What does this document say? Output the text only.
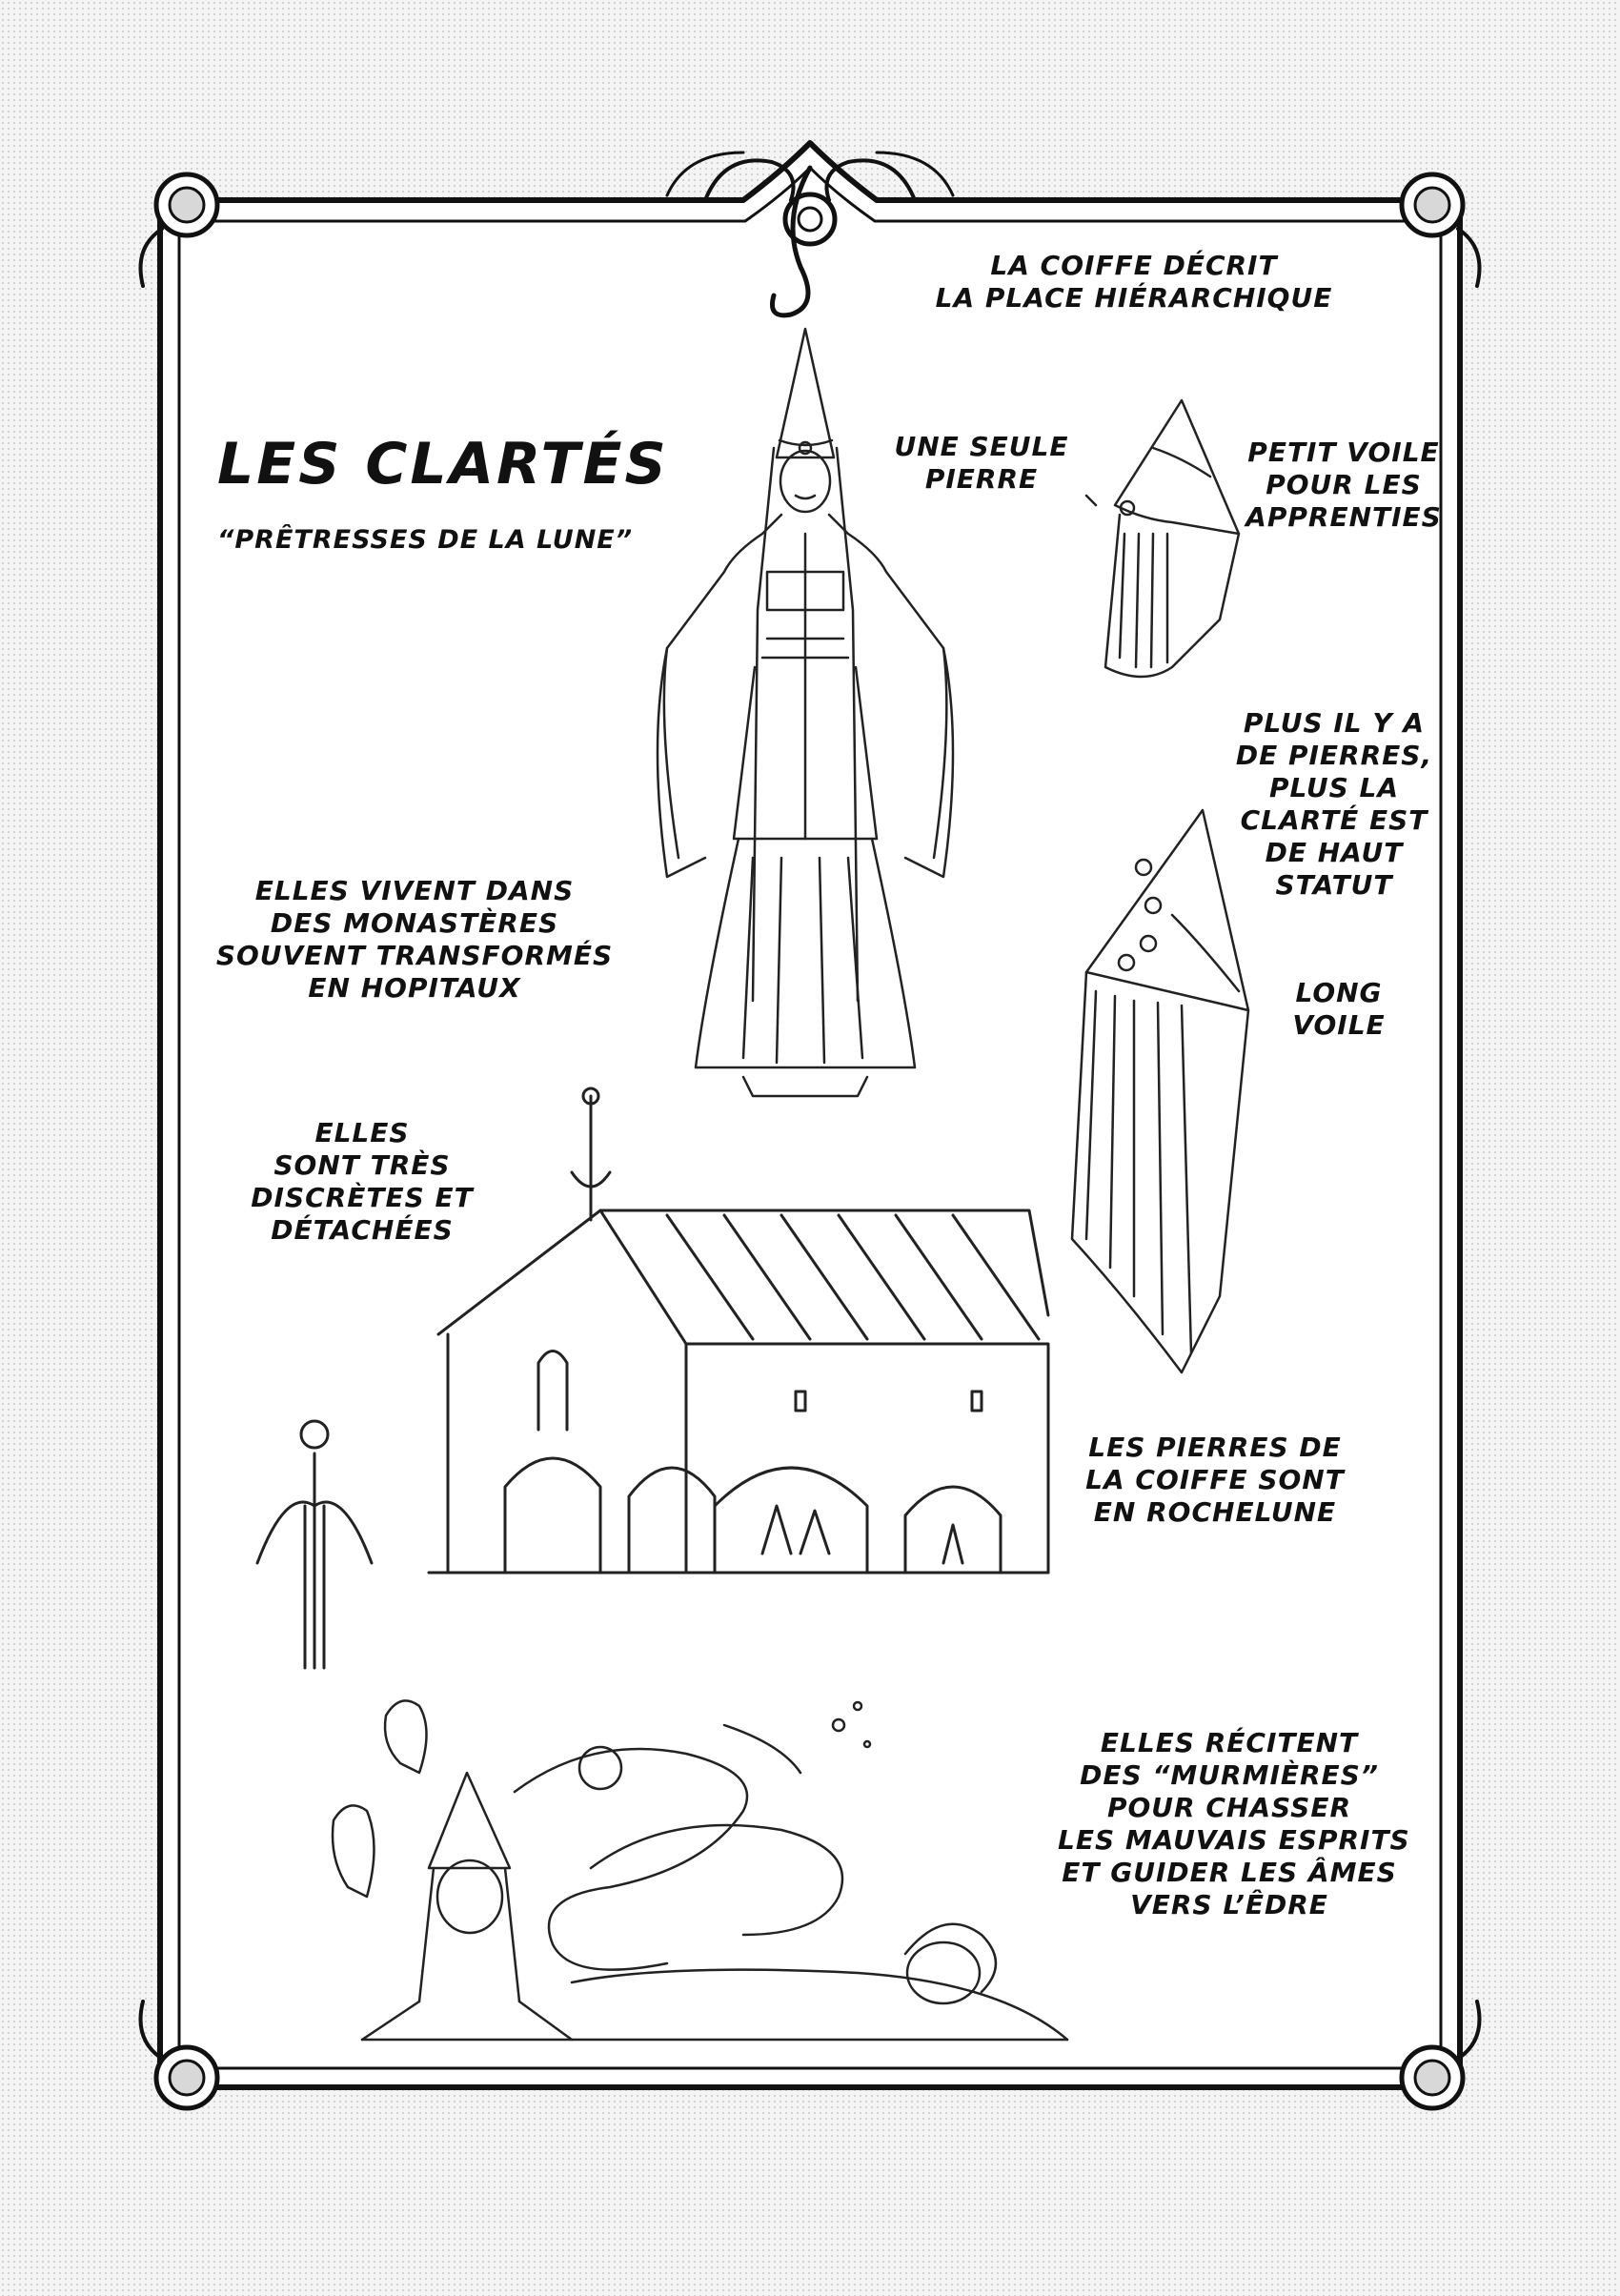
LES CLARTÉS
“PRÊTRESSES DE LA LUNE”
LA COIFFE DÉCRIT
LA PLACE HIÉRARCHIQUE
UNE SEULE
PIERRE
PETIT VOILE
POUR LES
APPRENTIES
PLUS IL Y A
DE PIERRES,
PLUS LA
CLARTÉ EST
DE HAUT
STATUT
LONG
VOILE
ELLES VIVENT DANS
DES MONASTÈRES
SOUVENT TRANSFORMÉS
EN HOPITAUX
ELLES
SONT TRÈS
DISCRÈTES ET
DÉTACHÉES
LES PIERRES DE
LA COIFFE SONT
EN ROCHELUNE
ELLES RÉCITENT
DES “MURMIÈRES”
POUR CHASSER
LES MAUVAIS ESPRITS
ET GUIDER LES ÂMES
VERS L’ÊDRE
